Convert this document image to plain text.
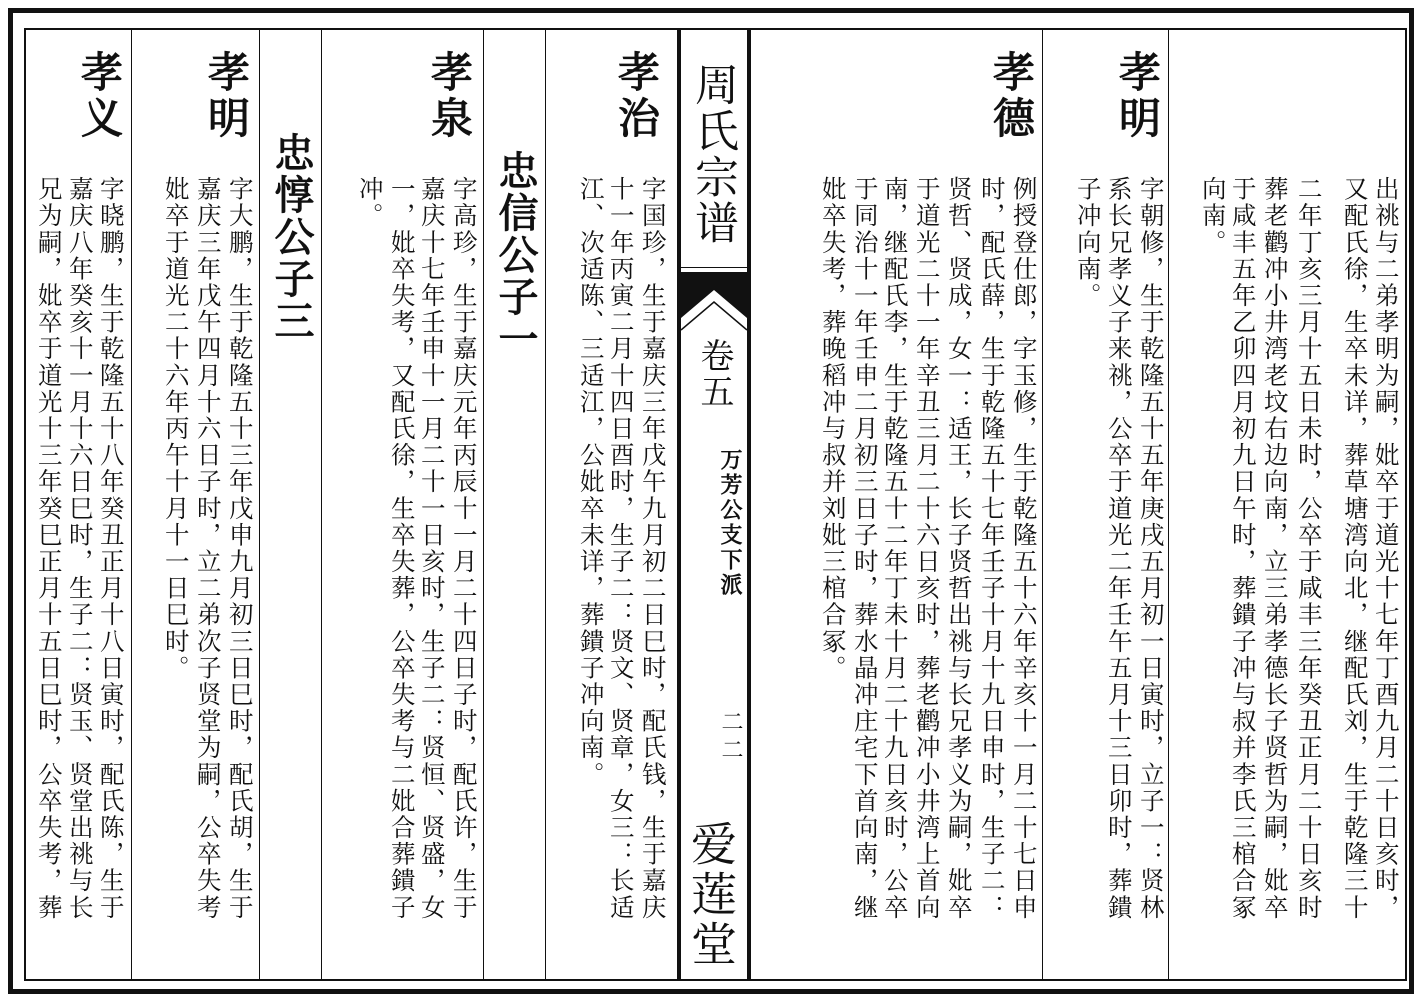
周氏宗谱
卷五
万芳公支下派
二二
爱莲堂	出祧与二弟孝明为嗣，妣卒于道光十七年丁酉九月二十日亥时，
又配氏徐，生卒未详，葬草塘湾向北，继配氏刘，生于乾隆三十
二年丁亥三月十五日未时，公卒于咸丰三年癸丑正月二十日亥时
葬老鹳冲小井湾老坟右边向南，立三弟孝德长子贤哲为嗣，妣卒
于咸丰五年乙卯四月初九日午时，葬鐀子冲与叔并李氏三棺合冢
向南。
孝明
字朝修，生于乾隆五十五年庚戌五月初一日寅时，立子一：贤林
系长兄孝义子来祧，公卒于道光二年壬午五月十三日卯时，葬鐀
子冲向南。
孝德
例授登仕郎，字玉修，生于乾隆五十六年辛亥十一月二十七日申
时，配氏薛，生于乾隆五十七年壬子十月十九日申时，生子二：
贤哲、贤成，女一：适王，长子贤哲出祧与长兄孝义为嗣，妣卒
于道光二十一年辛丑三月二十六日亥时，葬老鹳冲小井湾上首向
南，继配氏李，生于乾隆五十二年丁未十月二十九日亥时，公卒
于同治十一年壬申二月初三日子时，葬水晶冲庄宅下首向南，继
妣卒失考，葬晚稻冲与叔并刘妣三棺合冢。
忠信公子一
孝治
字国珍，生于嘉庆三年戊午九月初二日巳时，配氏钱，生于嘉庆
十一年丙寅二月十四日酉时，生子二：贤文、贤章，女三：长适
江、次适陈、三适江，公妣卒未详，葬鐀子冲向南。
忠惇公子三
孝泉
字高珍，生于嘉庆元年丙辰十一月二十四日子时，配氏许，生于
嘉庆十七年壬申十一月二十一日亥时，生子二：贤恒、贤盛，女
一，妣卒失考，又配氏徐，生卒失葬，公卒失考与二妣合葬鐀子
冲。
孝明
字大鹏，生于乾隆五十三年戊申九月初三日巳时，配氏胡，生于
嘉庆三年戊午四月十六日子时，立二弟次子贤堂为嗣，公卒失考
妣卒于道光二十六年丙午十月十一日巳时。
孝义
字晓鹏，生于乾隆五十八年癸丑正月十八日寅时，配氏陈，生于
嘉庆八年癸亥十一月十六日巳时，生子二：贤玉、贤堂出祧与长
兄为嗣，妣卒于道光十三年癸巳正月十五日巳时，公卒失考，葬
